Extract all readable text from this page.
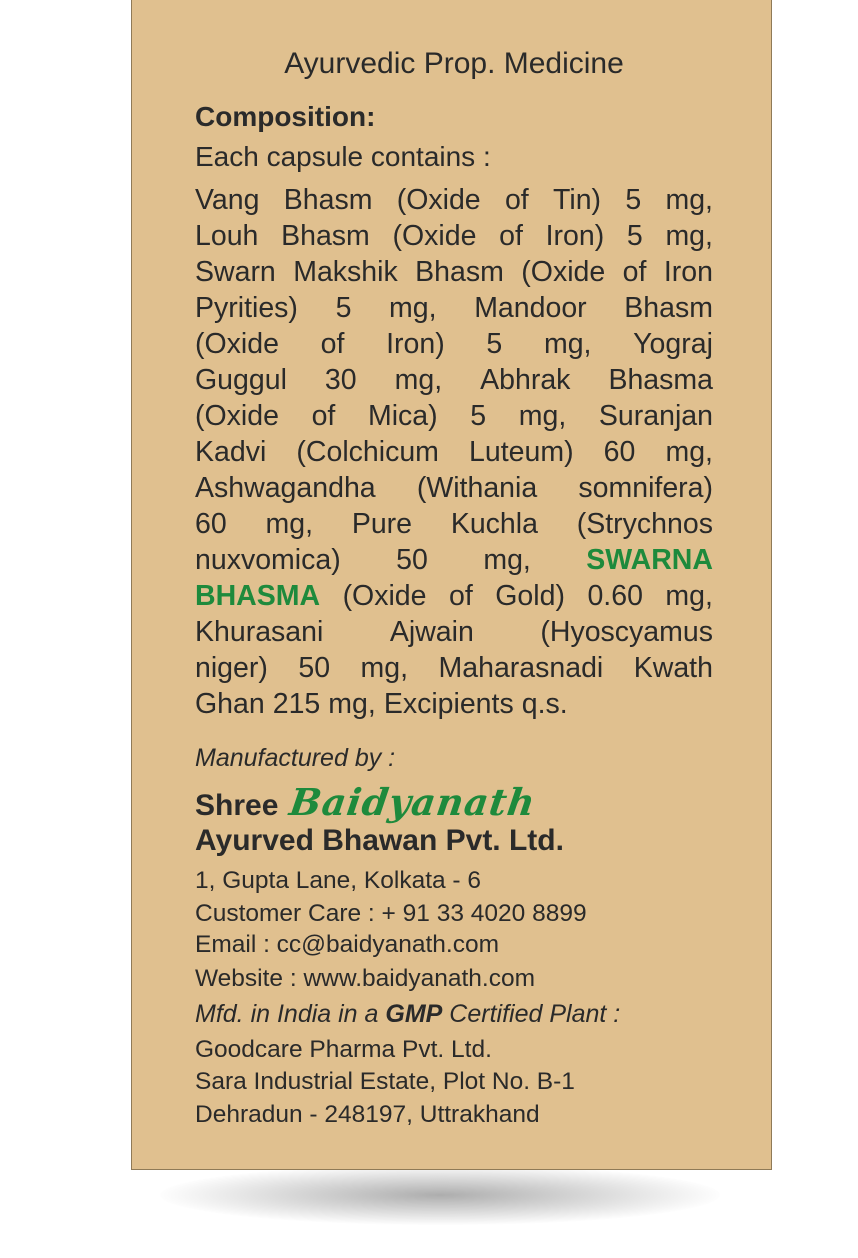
Ayurvedic Prop. Medicine
Composition:
Each capsule contains :
Vang Bhasm (Oxide of Tin) 5 mg,
Louh Bhasm (Oxide of Iron) 5 mg,
Swarn Makshik Bhasm (Oxide of Iron
Pyrities) 5 mg, Mandoor Bhasm
(Oxide of Iron) 5 mg, Yograj
Guggul 30 mg, Abhrak Bhasma
(Oxide of Mica) 5 mg, Suranjan
Kadvi (Colchicum Luteum) 60 mg,
Ashwagandha (Withania somnifera)
60 mg, Pure Kuchla (Strychnos
nuxvomica) 50 mg, SWARNA
BHASMA (Oxide of Gold) 0.60 mg,
Khurasani Ajwain (Hyoscyamus
niger) 50 mg, Maharasnadi Kwath
Ghan 215 mg, Excipients q.s.
Manufactured by :
Shree Baidyanath
Ayurved Bhawan Pvt. Ltd.
1, Gupta Lane, Kolkata - 6
Customer Care : + 91 33 4020 8899
Email : cc@baidyanath.com
Website : www.baidyanath.com
Mfd. in India in a GMP Certified Plant :
Goodcare Pharma Pvt. Ltd.
Sara Industrial Estate, Plot No. B-1
Dehradun - 248197, Uttrakhand
